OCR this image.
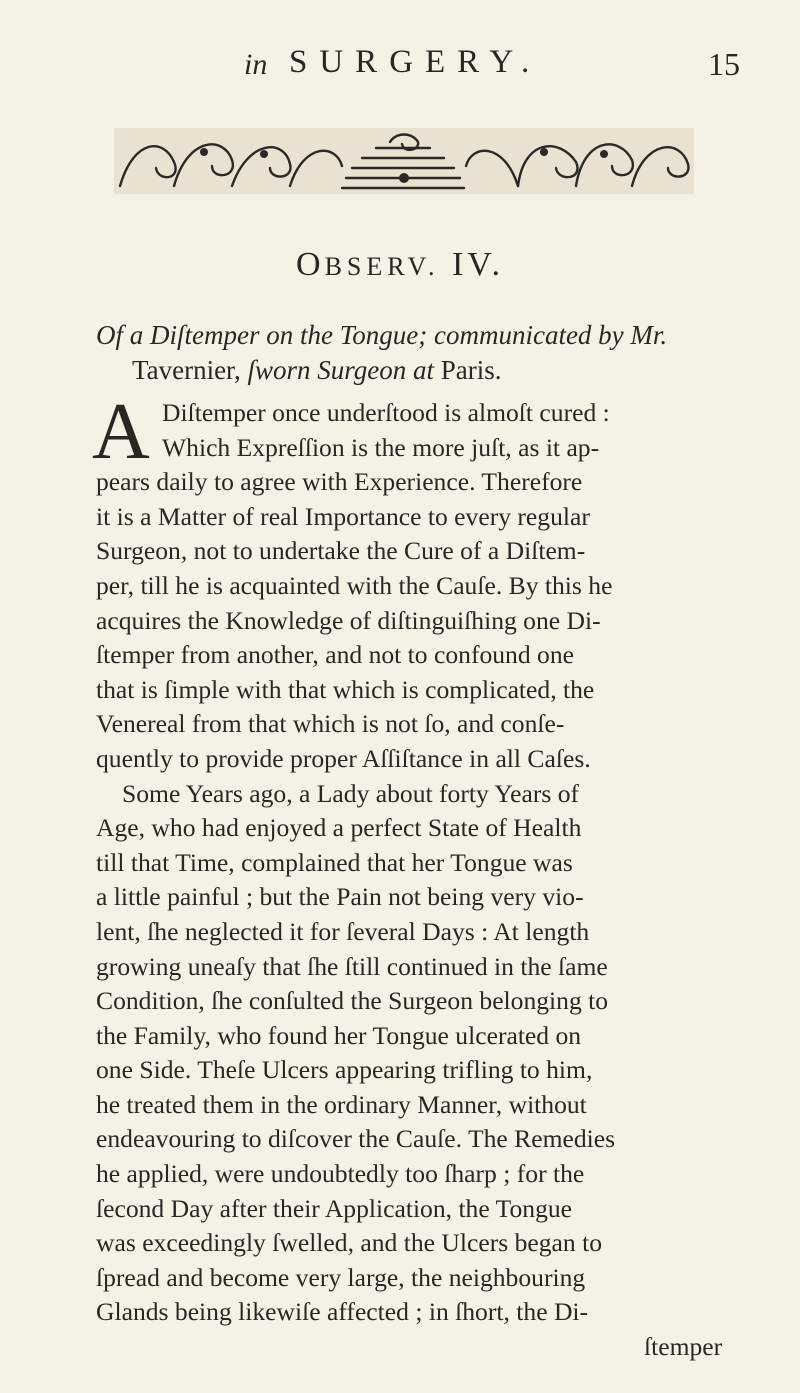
in SURGERY.	15
OBSERV. IV.
Of a Diſtemper on the Tongue; communicated by Mr.
Tavernier, ſworn Surgeon at Paris.
A Diſtemper once underſtood is almoſt cured :
Which Expreſſion is the more juſt, as it ap-
pears daily to agree with Experience. Therefore
it is a Matter of real Importance to every regular
Surgeon, not to undertake the Cure of a Diſtem-
per, till he is acquainted with the Cauſe. By this he
acquires the Knowledge of diſtinguiſhing one Di-
ſtemper from another, and not to confound one
that is ſimple with that which is complicated, the
Venereal from that which is not ſo, and conſe-
quently to provide proper Aſſiſtance in all Caſes.
Some Years ago, a Lady about forty Years of
Age, who had enjoyed a perfect State of Health
till that Time, complained that her Tongue was
a little painful ; but the Pain not being very vio-
lent, ſhe neglected it for ſeveral Days : At length
growing uneaſy that ſhe ſtill continued in the ſame
Condition, ſhe conſulted the Surgeon belonging to
the Family, who found her Tongue ulcerated on
one Side. Theſe Ulcers appearing trifling to him,
he treated them in the ordinary Manner, without
endeavouring to diſcover the Cauſe. The Remedies
he applied, were undoubtedly too ſharp ; for the
ſecond Day after their Application, the Tongue
was exceedingly ſwelled, and the Ulcers began to
ſpread and become very large, the neighbouring
Glands being likewiſe affected ; in ſhort, the Di-
ſtemper
